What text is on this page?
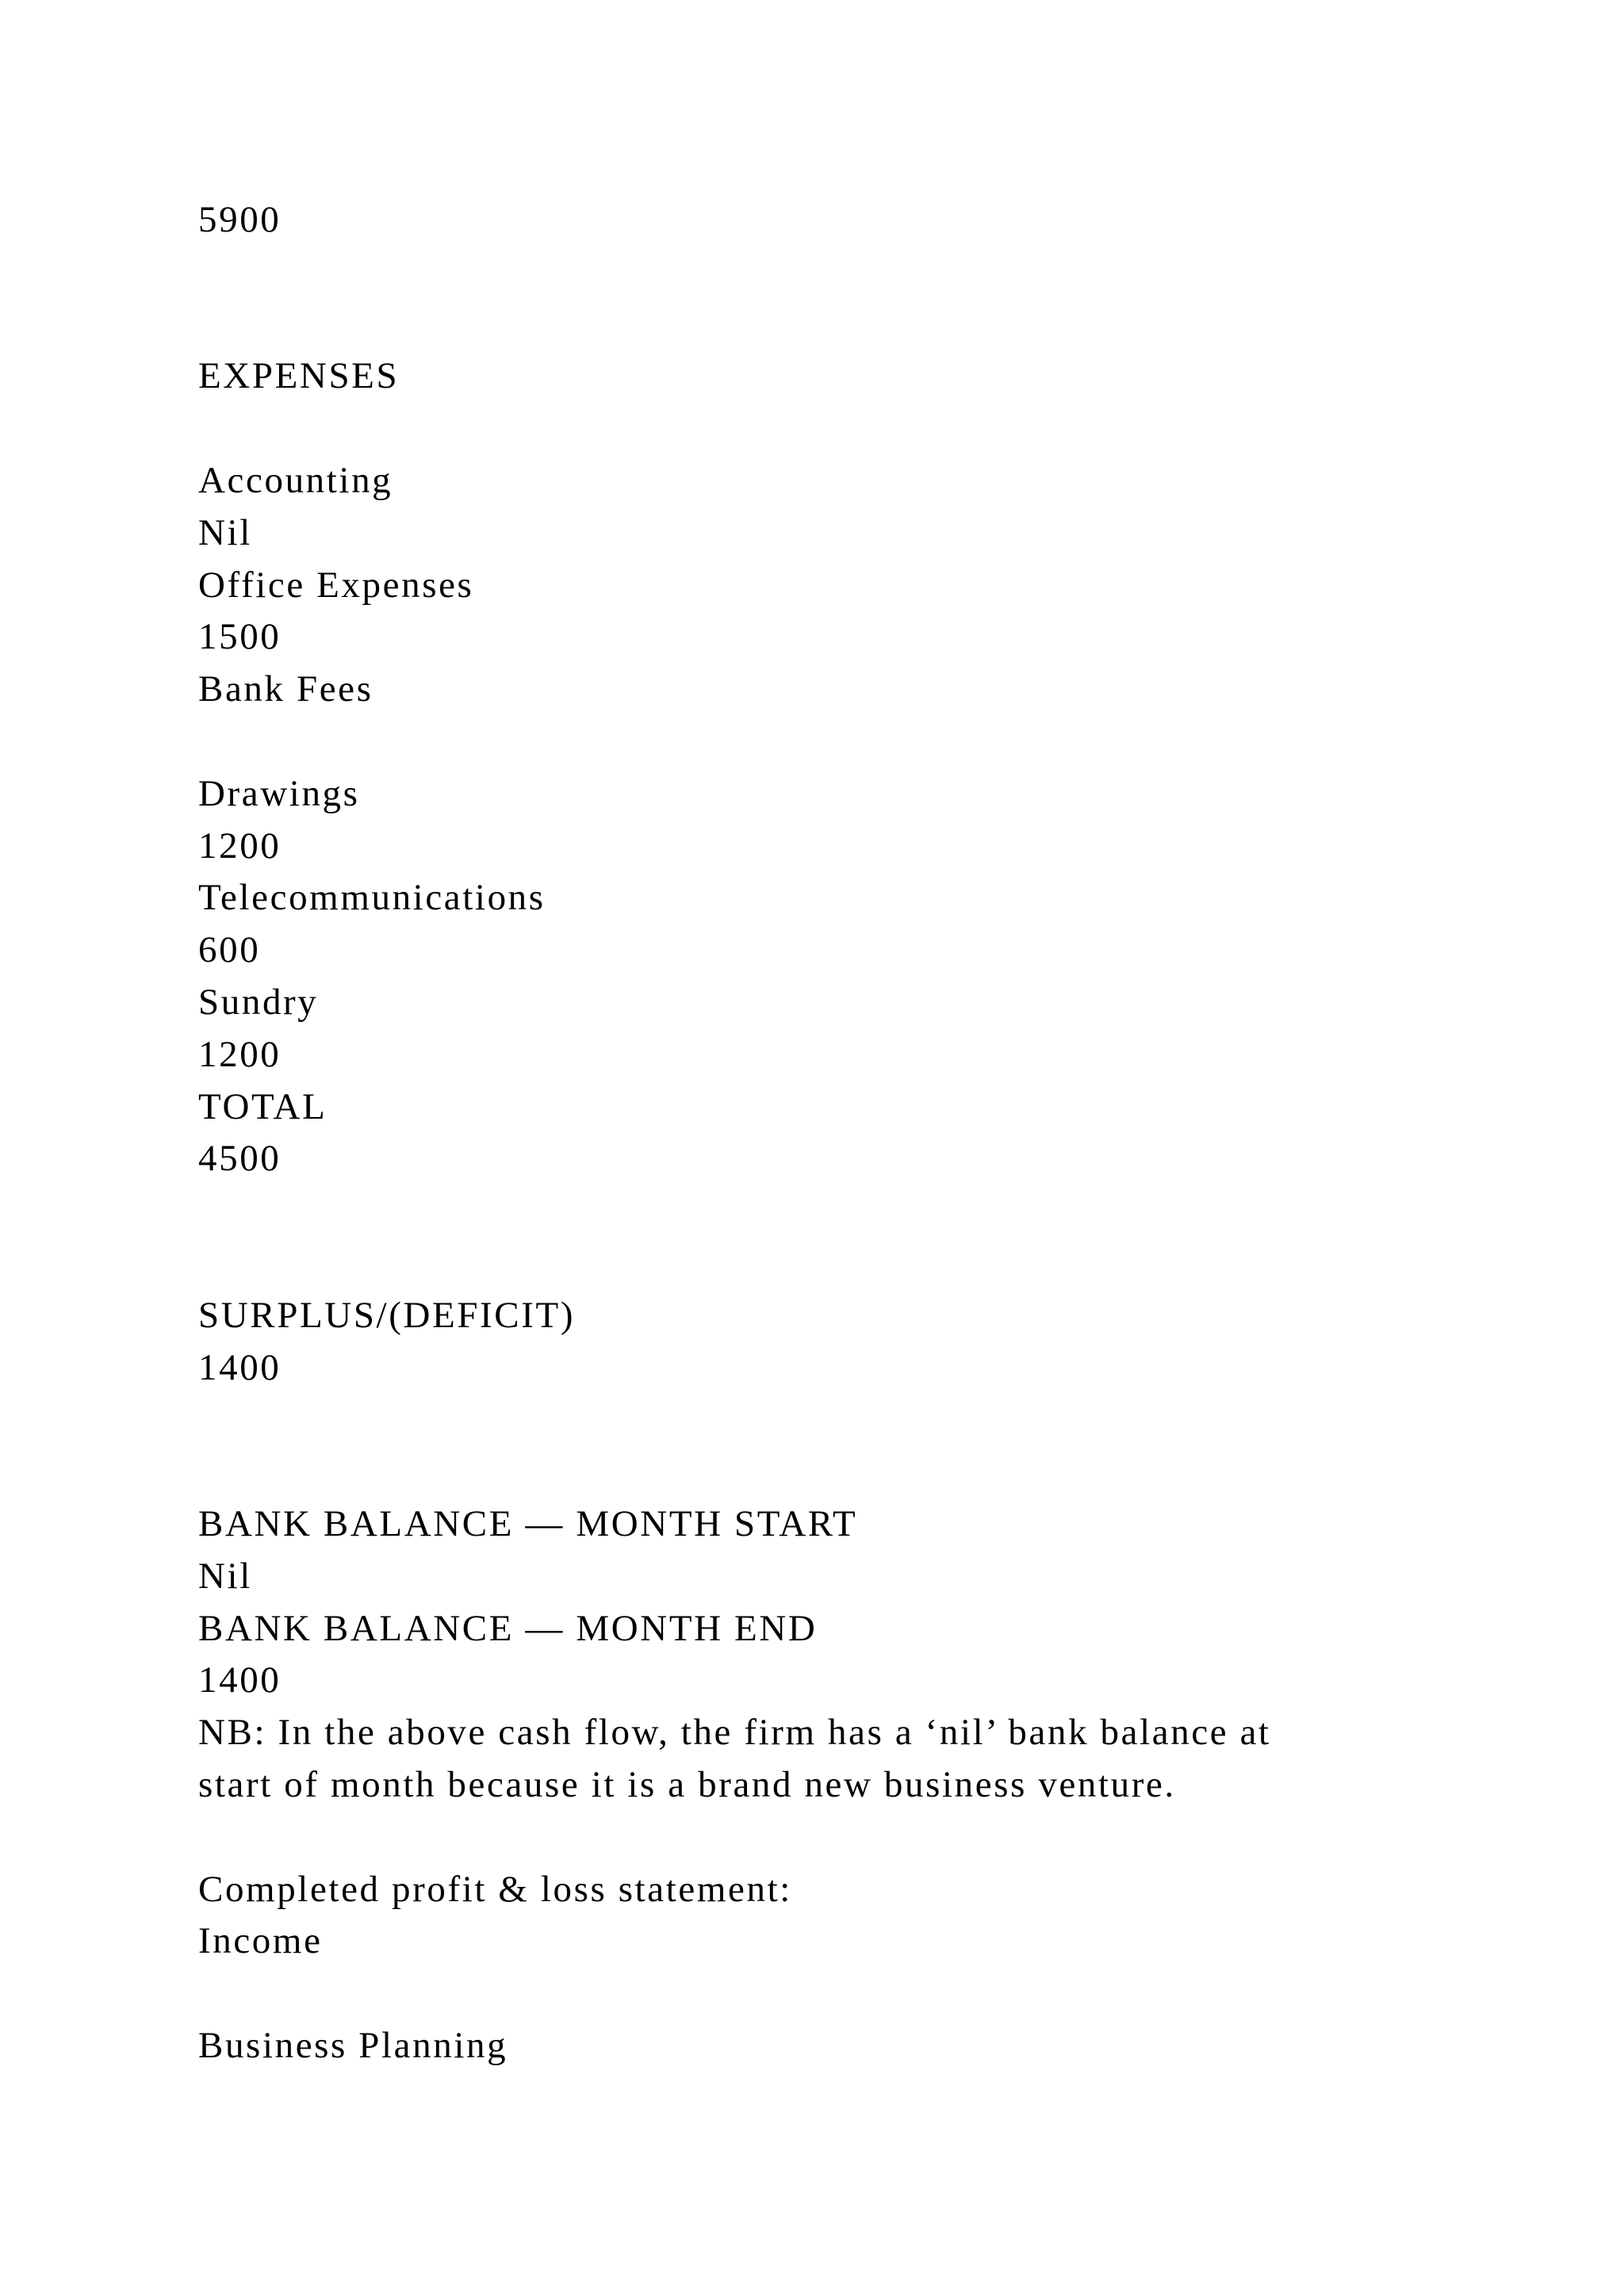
5900
EXPENSES
Accounting
Nil
Office Expenses
1500
Bank Fees
Drawings
1200
Telecommunications
600
Sundry
1200
TOTAL
4500
SURPLUS/(DEFICIT)
1400
BANK BALANCE — MONTH START
Nil
BANK BALANCE — MONTH END
1400
NB: In the above cash flow, the firm has a ‘nil’ bank balance at
start of month because it is a brand new business venture.
Completed profit & loss statement:
Income
Business Planning
